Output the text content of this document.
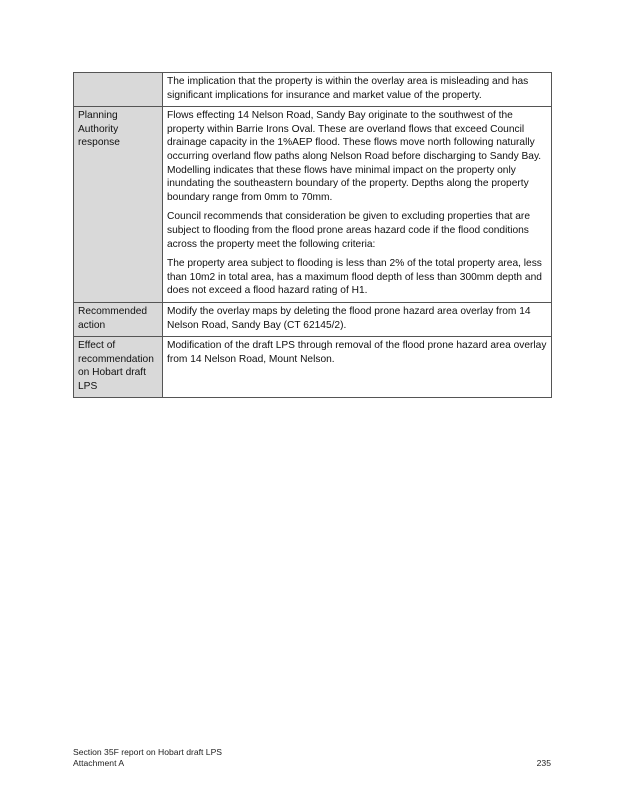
	The implication that the property is within the overlay area is misleading and has significant implications for insurance and market value of the property.

Planning Authority response	Flows effecting 14 Nelson Road, Sandy Bay originate to the southwest of the property within Barrie Irons Oval. These are overland flows that exceed Council drainage capacity in the 1%AEP flood. These flows move north following naturally occurring overland flow paths along Nelson Road before discharging to Sandy Bay. Modelling indicates that these flows have minimal impact on the property only inundating the southeastern boundary of the property. Depths along the property boundary range from 0mm to 70mm.

Council recommends that consideration be given to excluding properties that are subject to flooding from the flood prone areas hazard code if the flood conditions across the property meet the following criteria:

The property area subject to flooding is less than 2% of the total property area, less than 10m2 in total area, has a maximum flood depth of less than 300mm depth and does not exceed a flood hazard rating of H1.

Recommended action	Modify the overlay maps by deleting the flood prone hazard area overlay from 14 Nelson Road, Sandy Bay (CT 62145/2).

Effect of recommendation on Hobart draft LPS	Modification of the draft LPS through removal of the flood prone hazard area overlay from 14 Nelson Road, Mount Nelson.

Section 35F report on Hobart draft LPS
Attachment A	235
